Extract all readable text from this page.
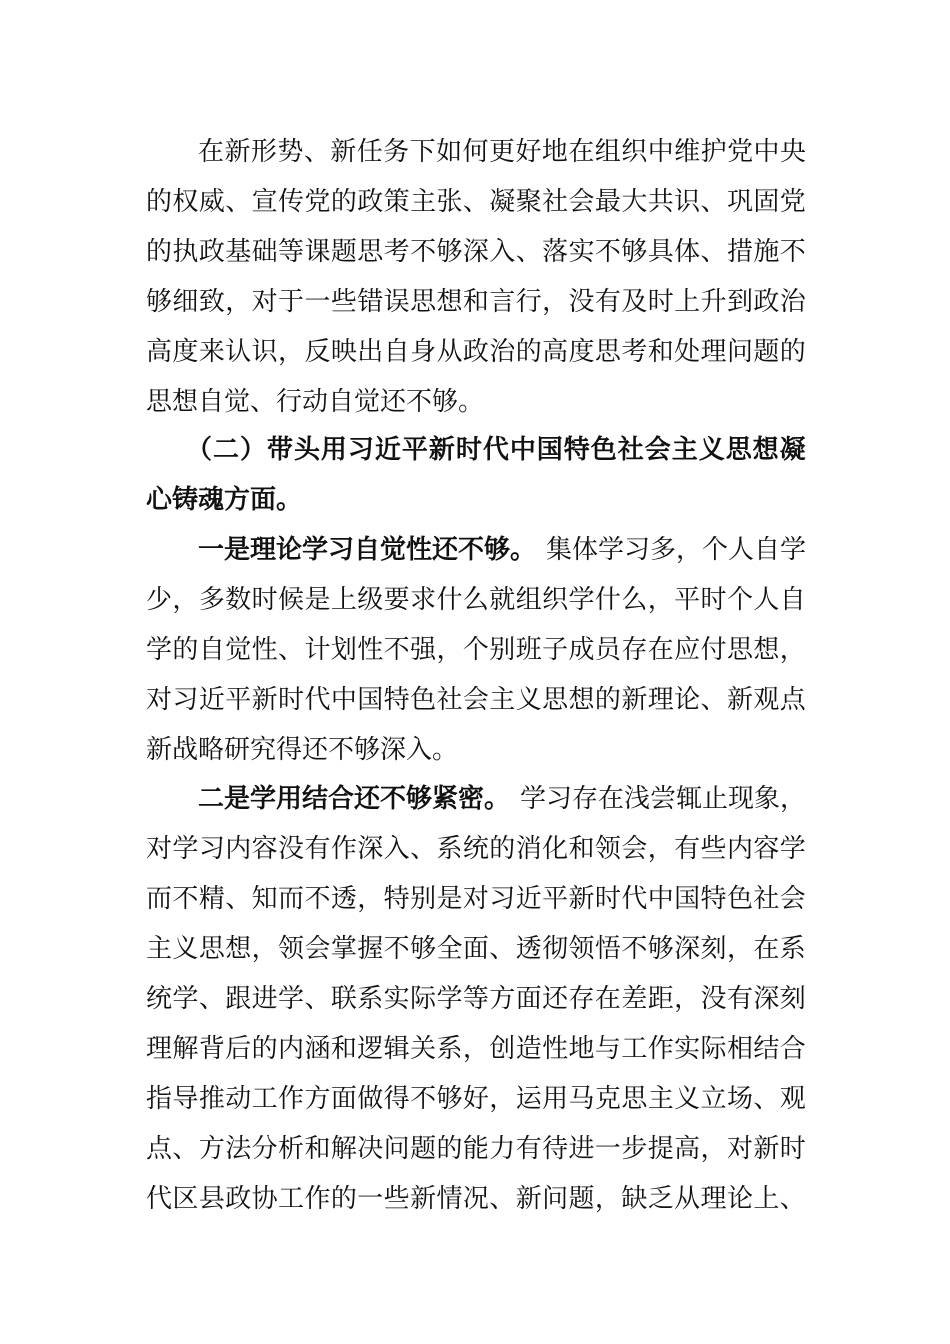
在 新 形 势 、 新 任 务 下 如 何 更 好 地 在 组 织 中 维 护 党 中 央
的 权 威 、 宣 传 党 的 政 策 主 张 、 凝 聚 社 会 最 大 共 识 、 巩 固 党
的 执 政 基 础 等 课 题 思 考 不 够 深 入 、 落 实 不 够 具 体 、 措 施 不
够 细 致 ， 对 于 一 些 错 误 思 想 和 言 行 ， 没 有 及 时 上 升 到 政 治
高 度 来 认 识 ， 反 映 出 自 身 从 政 治 的 高 度 思 考 和 处 理 问 题 的
思想自觉、行动自觉还不够。
（ 二 ） 带 头 用 习 近 平 新 时 代 中 国 特 色 社 会 主 义 思 想 凝
心铸魂方面。
一是理论学习自觉性还不够。 集体学习多，个人自学
少 ， 多 数 时 候 是 上 级 要 求 什 么 就 组 织 学 什 么 ， 平 时 个 人 自
学 的 自 觉 性 、 计 划 性 不 强 ， 个 别 班 子 成 员 存 在 应 付 思 想 ，
对 习 近 平 新 时 代 中 国 特 色 社 会 主 义 思 想 的 新 理 论 、 新 观 点
新战略研究得还不够深入。
二是学用结合还不够紧密。 学习存在浅尝辄止现象，
对 学 习 内 容 没 有 作 深 入 、 系 统 的 消 化 和 领 会 ， 有 些 内 容 学
而 不 精 、 知 而 不 透 ， 特 别 是 对 习 近 平 新 时 代 中 国 特 色 社 会
主 义 思 想 ， 领 会 掌 握 不 够 全 面 、 透 彻 领 悟 不 够 深 刻 ， 在 系
统 学 、 跟 进 学 、 联 系 实 际 学 等 方 面 还 存 在 差 距 ， 没 有 深 刻
理 解 背 后 的 内 涵 和 逻 辑 关 系 ， 创 造 性 地 与 工 作 实 际 相 结 合
指 导 推 动 工 作 方 面 做 得 不 够 好 ， 运 用 马 克 思 主 义 立 场 、 观
点 、 方 法 分 析 和 解 决 问 题 的 能 力 有 待 进 一 步 提 高 ， 对 新 时
代 区 县 政 协 工 作 的 一 些 新 情 况 、 新 问 题 ， 缺 乏 从 理 论 上 、
